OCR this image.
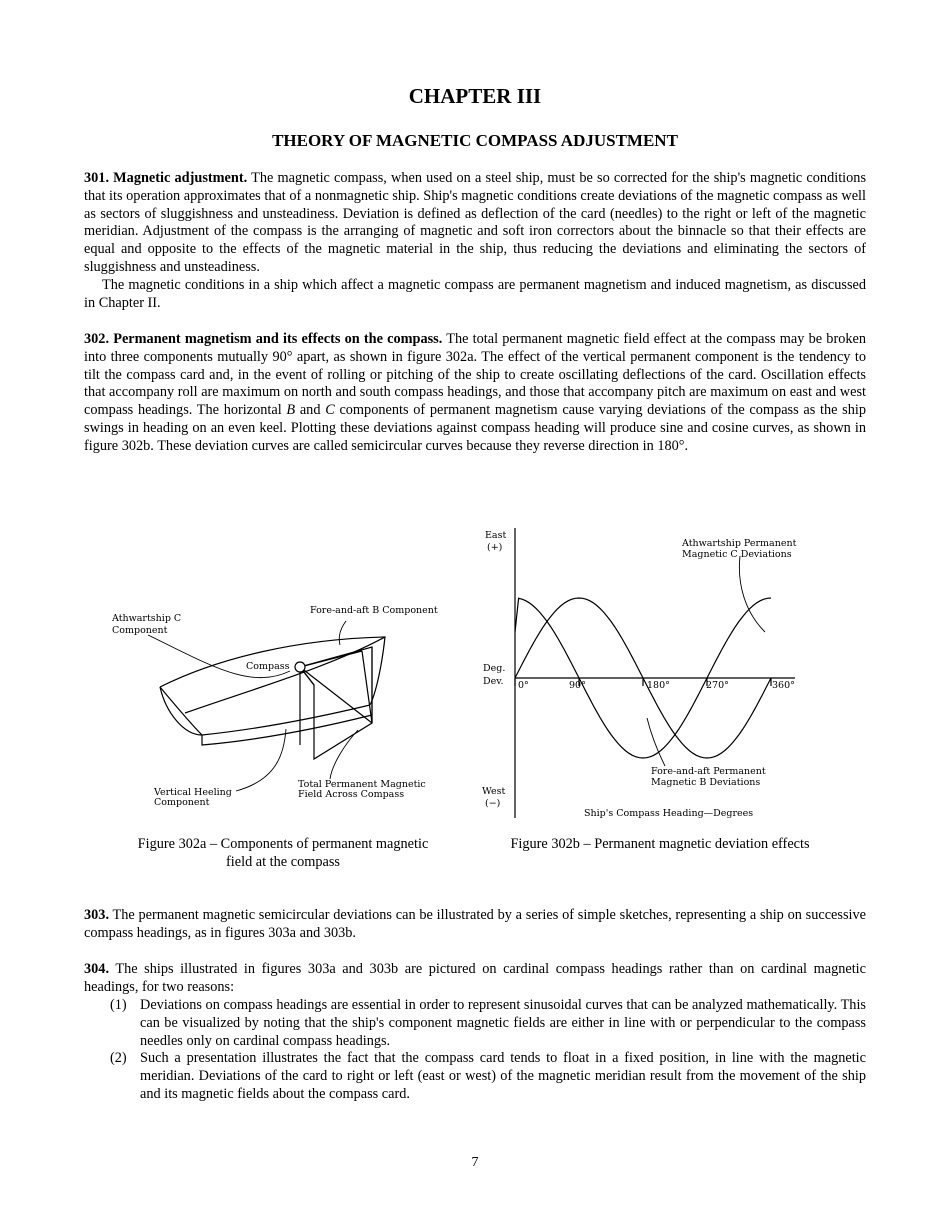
CHAPTER III
THEORY OF MAGNETIC COMPASS ADJUSTMENT

301. Magnetic adjustment. The magnetic compass, when used on a steel ship, must be so corrected for the ship's magnetic conditions that its operation approximates that of a nonmagnetic ship. Ship's magnetic conditions create deviations of the magnetic compass as well as sectors of sluggishness and unsteadiness. Deviation is defined as deflection of the card (needles) to the right or left of the magnetic meridian. Adjustment of the compass is the arranging of magnetic and soft iron correctors about the binnacle so that their effects are equal and opposite to the effects of the magnetic material in the ship, thus reducing the deviations and eliminating the sectors of sluggishness and unsteadiness.

The magnetic conditions in a ship which affect a magnetic compass are permanent magnetism and induced magnetism, as discussed in Chapter II.

302. Permanent magnetism and its effects on the compass. The total permanent magnetic field effect at the compass may be broken into three components mutually 90° apart, as shown in figure 302a. The effect of the vertical permanent component is the tendency to tilt the compass card and, in the event of rolling or pitching of the ship to create oscillating deflections of the card. Oscillation effects that accompany roll are maximum on north and south compass headings, and those that accompany pitch are maximum on east and west compass headings. The horizontal B and C components of permanent magnetism cause varying deviations of the compass as the ship swings in heading on an even keel. Plotting these deviations against compass heading will produce sine and cosine curves, as shown in figure 302b. These deviation curves are called semicircular curves because they reverse direction in 180°.

Athwartship C
Component
Fore-and-aft B Component
Compass
Vertical Heeling
Component
Total Permanent Magnetic
Field Across Compass
East
(+)
Deg.
Dev.
West
(−)
0°	90°	180°	270°	360°
Athwartship Permanent
Magnetic C Deviations
Fore-and-aft Permanent
Magnetic B Deviations
Ship's Compass Heading—Degrees

Figure 302a – Components of permanent magnetic
field at the compass

Figure 302b – Permanent magnetic deviation effects

303. The permanent magnetic semicircular deviations can be illustrated by a series of simple sketches, representing a ship on successive compass headings, as in figures 303a and 303b.

304. The ships illustrated in figures 303a and 303b are pictured on cardinal compass headings rather than on cardinal magnetic headings, for two reasons:

(1) Deviations on compass headings are essential in order to represent sinusoidal curves that can be analyzed mathematically. This can be visualized by noting that the ship's component magnetic fields are either in line with or perpendicular to the compass needles only on cardinal compass headings.

(2) Such a presentation illustrates the fact that the compass card tends to float in a fixed position, in line with the magnetic meridian. Deviations of the card to right or left (east or west) of the magnetic meridian result from the movement of the ship and its magnetic fields about the compass card.

7
